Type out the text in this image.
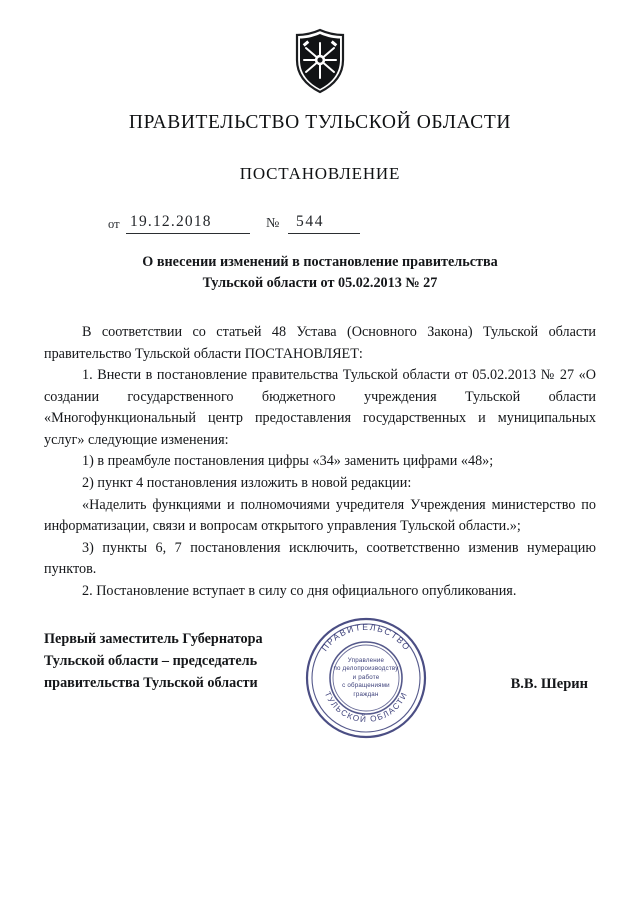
ПРАВИТЕЛЬСТВО ТУЛЬСКОЙ ОБЛАСТИ
ПОСТАНОВЛЕНИЕ
от 19.12.2018	№ 544
О внесении изменений в постановление правительства
Тульской области от 05.02.2013 № 27

В соответствии со статьей 48 Устава (Основного Закона) Тульской области правительство Тульской области ПОСТАНОВЛЯЕТ:

1. Внести в постановление правительства Тульской области от 05.02.2013 № 27 «О создании государственного бюджетного учреждения Тульской области «Многофункциональный центр предоставления государственных и муниципальных услуг» следующие изменения:

1) в преамбуле постановления цифры «34» заменить цифрами «48»;

2) пункт 4 постановления изложить в новой редакции:

«Наделить функциями и полномочиями учредителя Учреждения министерство по информатизации, связи и вопросам открытого управления Тульской области.»;

3) пункты 6, 7 постановления исключить, соответственно изменив нумерацию пунктов.

2. Постановление вступает в силу со дня официального опубликования.

Первый заместитель Губернатора
Тульской области – председатель
правительства Тульской области	В.В. Шерин
ПРАВИТЕЛЬСТВО
ТУЛЬСКОЙ ОБЛАСТИ
Управление
по делопроизводству
и работе
с обращениями
граждан
